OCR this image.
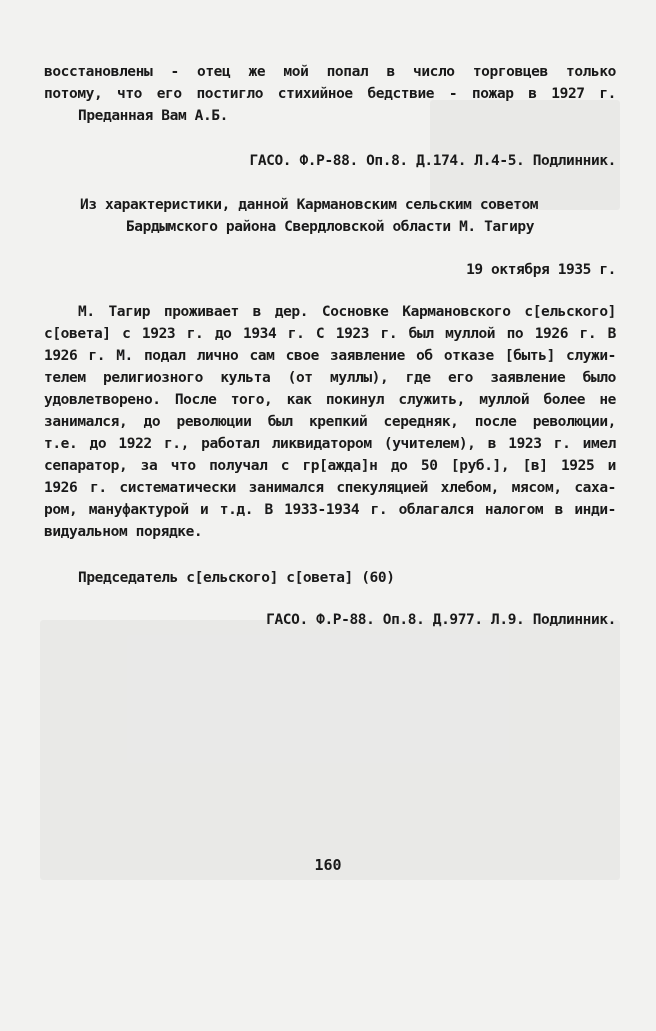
восстановлены - отец же мой попал в число торговцев только
потому, что его постигло стихийное бедствие - пожар в 1927 г.
Преданная Вам А.Б.
ГАСО. Ф.Р-88. Оп.8. Д.174. Л.4-5. Подлинник.
Из характеристики, данной Кармановским сельским советом
Бардымского района Свердловской области М. Тагиру
19 октября 1935 г.
М. Тагир проживает в дер. Сосновке Кармановского с[ельского]
с[овета] с 1923 г. до 1934 г. С 1923 г. был муллой по 1926 г. В
1926 г. М. подал лично сам свое заявление об отказе [быть] служи-
телем религиозного культа (от муллы), где его заявление было
удовлетворено. После того, как покинул служить, муллой более не
занимался, до революции был крепкий середняк, после революции,
т.е. до 1922 г., работал ликвидатором (учителем), в 1923 г. имел
сепаратор, за что получал с гр[ажда]н до 50 [руб.], [в] 1925 и
1926 г. систематически занимался спекуляцией хлебом, мясом, саха-
ром, мануфактурой и т.д. В 1933-1934 г. облагался налогом в инди-
видуальном порядке.
Председатель с[ельского] с[овета] (60)
ГАСО. Ф.Р-88. Оп.8. Д.977. Л.9. Подлинник.
160
